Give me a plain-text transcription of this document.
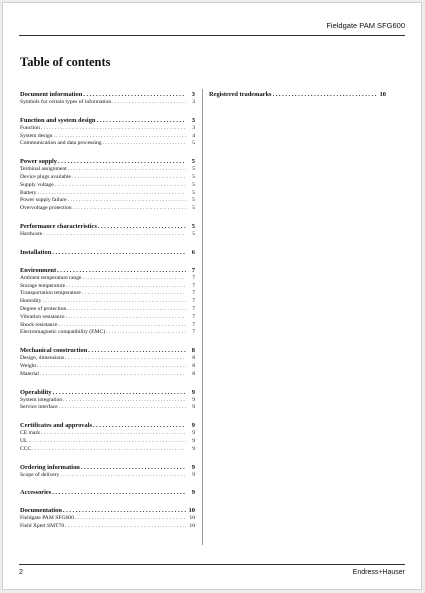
Fieldgate PAM SFG600
Table of contents
Document information . . .	3
Symbols for certain types of information . . .	3
Function and system design . . .	3
Function . . .	3
System design . . .	4
Communication and data processing . . .	5
Power supply . . .	5
Terminal assignment . . .	5
Device plugs available . . .	5
Supply voltage . . .	5
Battery . . .	5
Power supply failure . . .	5
Overvoltage protection . . .	5
Performance characteristics . . .	5
Hardware . . .	5
Installation . . .	6
Environment . . .	7
Ambient temperature range . . .	7
Storage temperature . . .	7
Transportation temperature . . .	7
Humidity . . .	7
Degree of protection . . .	7
Vibration resistance . . .	7
Shock resistance . . .	7
Electromagnetic compatibility (EMC) . . .	7
Mechanical construction . . .	8
Design, dimensions . . .	8
Weight . . .	8
Material . . .	8
Operability . . .	9
System integration . . .	9
Service interface . . .	9
Certificates and approvals . . .	9
CE mark . . .	9
UL . . .	9
CCC . . .	9
Ordering information . . .	9
Scope of delivery . . .	9
Accessories . . .	9
Documentation . . .	10
Fieldgate PAM SFG600 . . .	10
Field Xpert SMT70 . . .	10
Registered trademarks . . .	10
2	Endress+Hauser
